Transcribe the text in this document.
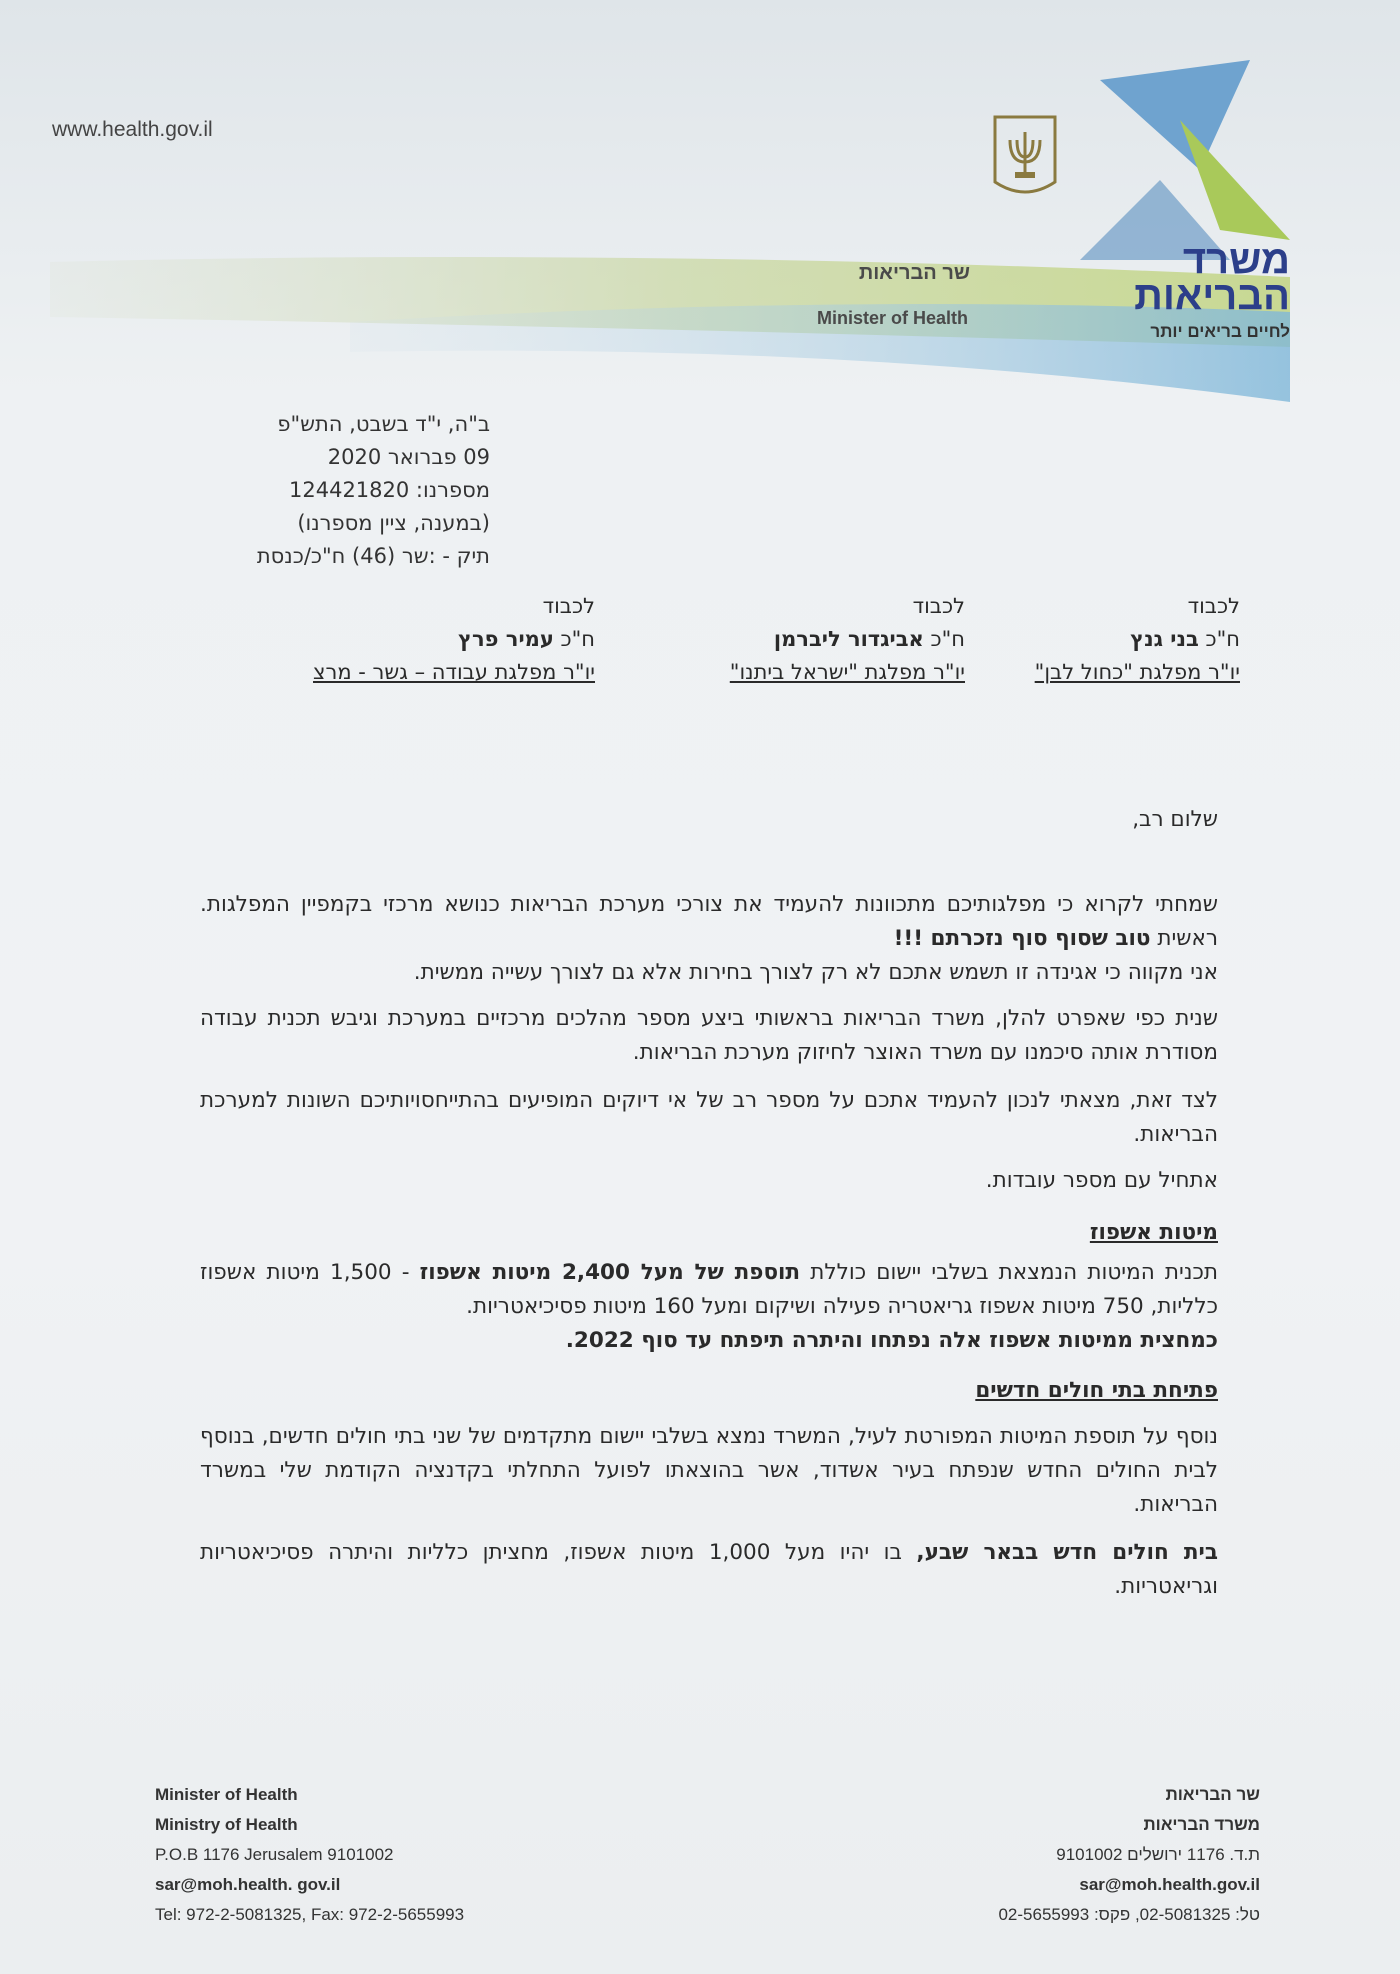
www.health.gov.il
שר הבריאות
Minister of Health
משרד
הבריאות
לחיים בריאים יותר
ב"ה, י"ד בשבט, התש"פ
09 פברואר 2020
מספרנו: 124421820
(במענה, ציין מספרנו)
תיק - :שר (46) ח"כ/כנסת
לכבוד
ח"כ בני גנץ
יו"ר מפלגת "כחול לבן"
לכבוד
ח"כ אביגדור ליברמן
יו"ר מפלגת "ישראל ביתנו"
לכבוד
ח"כ עמיר פרץ
יו"ר מפלגת עבודה – גשר - מרצ
שלום רב,

שמחתי לקרוא כי מפלגותיכם מתכוונות להעמיד את צורכי מערכת הבריאות כנושא מרכזי בקמפיין המפלגות. ראשית טוב שסוף סוף נזכרתם !!!

אני מקווה כי אגינדה זו תשמש אתכם לא רק לצורך בחירות אלא גם לצורך עשייה ממשית.

שנית כפי שאפרט להלן, משרד הבריאות בראשותי ביצע מספר מהלכים מרכזיים במערכת וגיבש תכנית עבודה מסודרת אותה סיכמנו עם משרד האוצר לחיזוק מערכת הבריאות.
לצד זאת, מצאתי לנכון להעמיד אתכם על מספר רב של אי דיוקים המופיעים בהתייחסויותיכם השונות למערכת הבריאות.
אתחיל עם מספר עובדות.
מיטות אשפוז

תכנית המיטות הנמצאת בשלבי יישום כוללת תוספת של מעל 2,400 מיטות אשפוז - 1,500 מיטות אשפוז כלליות, 750 מיטות אשפוז גריאטריה פעילה ושיקום ומעל 160 מיטות פסיכיאטריות.

כמחצית ממיטות אשפוז אלה נפתחו והיתרה תיפתח עד סוף 2022.

פתיחת בתי חולים חדשים
נוסף על תוספת המיטות המפורטת לעיל, המשרד נמצא בשלבי יישום מתקדמים של שני בתי חולים חדשים, בנוסף לבית החולים החדש שנפתח בעיר אשדוד, אשר בהוצאתו לפועל התחלתי בקדנציה הקודמת שלי במשרד הבריאות.

בית חולים חדש בבאר שבע, בו יהיו מעל 1,000 מיטות אשפוז, מחציתן כלליות והיתרה פסיכיאטריות וגריאטריות.

Minister of Health
Ministry of Health
P.O.B 1176 Jerusalem 9101002
sar@moh.health. gov.il
Tel: 972-2-5081325, Fax: 972-2-5655993
שר הבריאות
משרד הבריאות
ת.ד. 1176 ירושלים 9101002
sar@moh.health.gov.il
טל: 02-5081325, פקס: 02-5655993
